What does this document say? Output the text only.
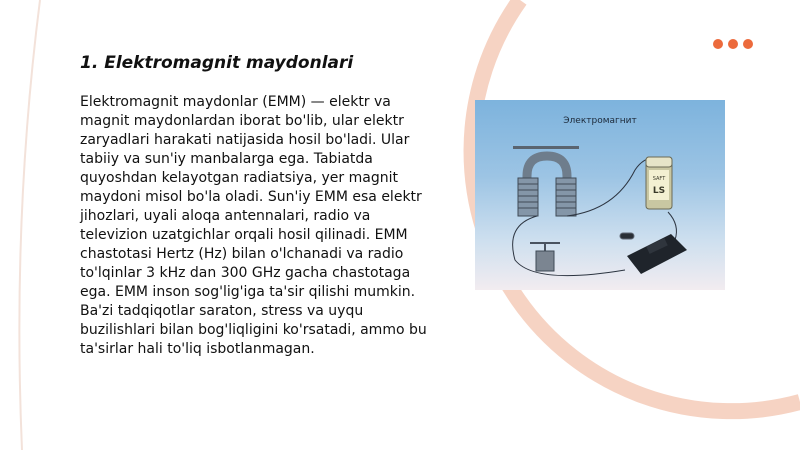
1. Elektromagnit maydonlari

Elektromagnit maydonlar (EMM) — elektr va magnit maydonlardan iborat bo'lib, ular elektr zaryadlari harakati natijasida hosil bo'ladi. Ular tabiiy va sun'iy manbalarga ega. Tabiatda quyoshdan kelayotgan radiatsiya, yer magnit maydoni misol bo'la oladi. Sun'iy EMM esa elektr jihozlari, uyali aloqa antennalari, radio va televizion uzatgichlar orqali hosil qilinadi. EMM chastotasi Hertz (Hz) bilan o'lchanadi va radio to'lqinlar 3 kHz dan 300 GHz gacha chastotaga ega. EMM inson sog'lig'iga ta'sir qilishi mumkin. Ba'zi tadqiqotlar saraton, stress va uyqu buzilishlari bilan bog'liqligini ko'rsatadi, ammo bu ta'sirlar hali to'liq isbotlanmagan.

SAFT
LS
Электромагнит
